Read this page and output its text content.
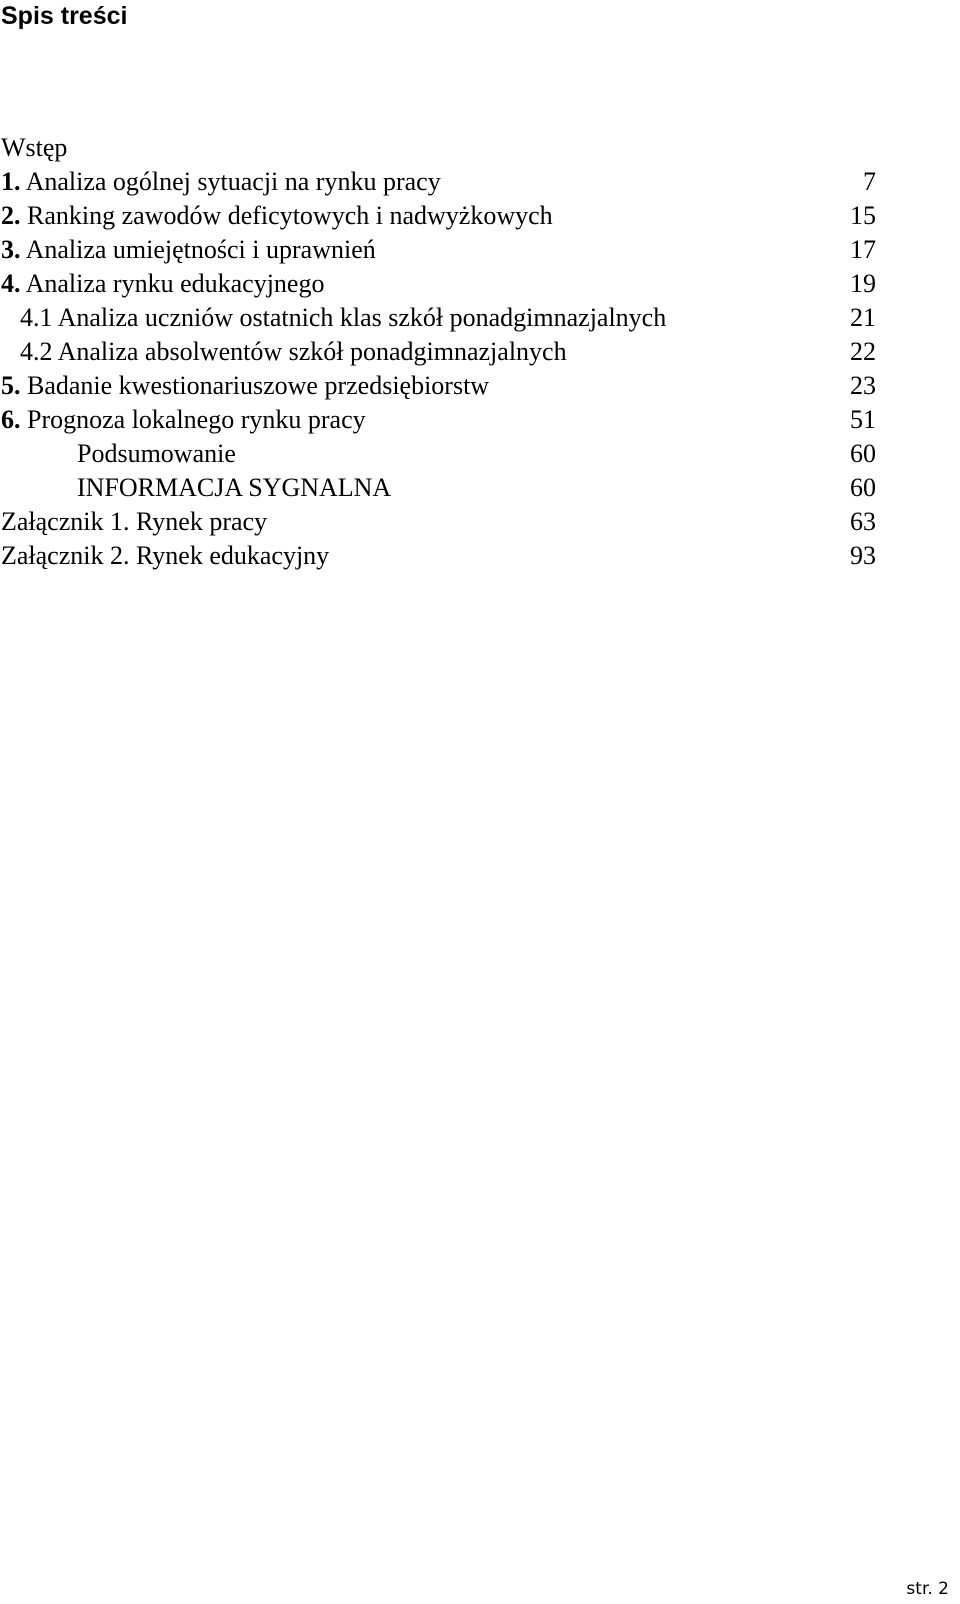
Spis treści
Wstęp
1. Analiza ogólnej sytuacji na rynku pracy	7
2. Ranking zawodów deficytowych i nadwyżkowych	15
3. Analiza umiejętności i uprawnień	17
4. Analiza rynku edukacyjnego	19
4.1 Analiza uczniów ostatnich klas szkół ponadgimnazjalnych	21
4.2 Analiza absolwentów szkół ponadgimnazjalnych	22
5. Badanie kwestionariuszowe przedsiębiorstw	23
6. Prognoza lokalnego rynku pracy	51
Podsumowanie	60
INFORMACJA SYGNALNA	60
Załącznik 1. Rynek pracy	63
Załącznik 2. Rynek edukacyjny	93
str. 2
